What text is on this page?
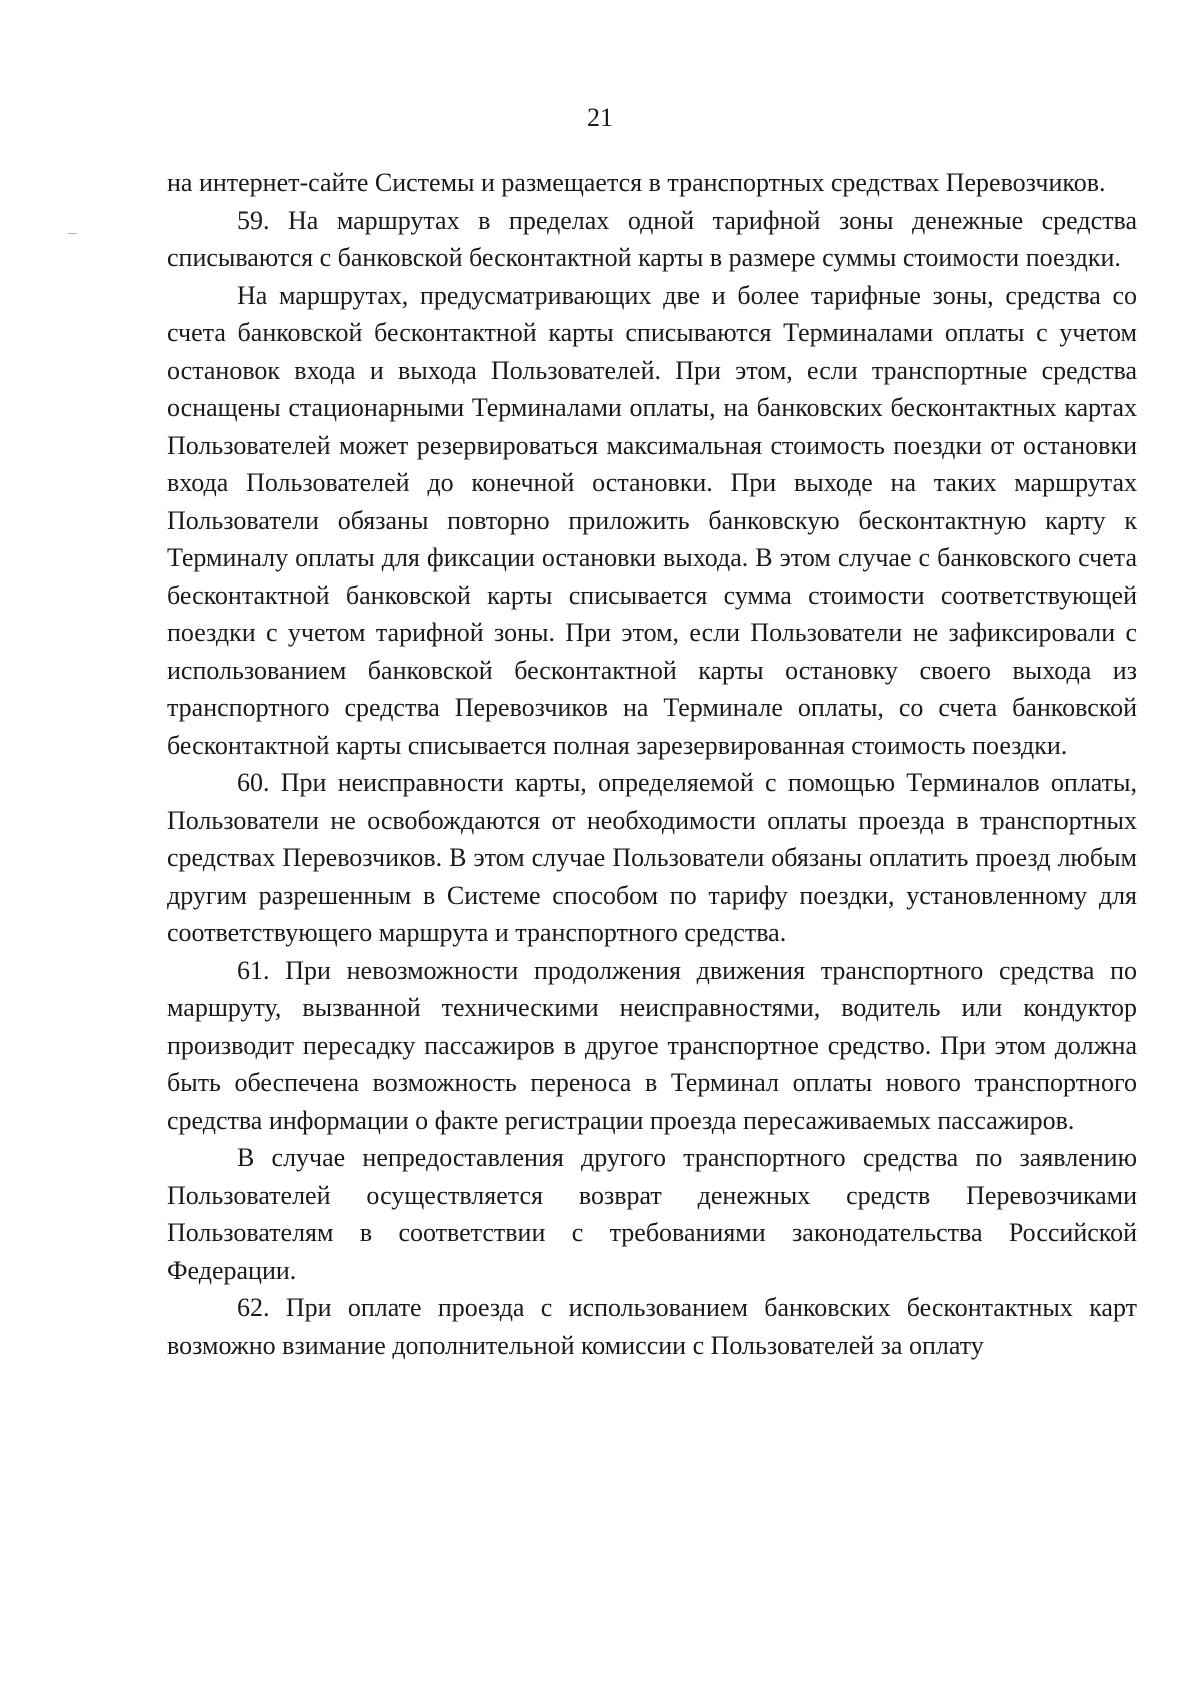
21

на интернет-сайте Системы и размещается в транспортных средствах Перевозчиков.

59. На маршрутах в пределах одной тарифной зоны денежные средства списываются с банковской бесконтактной карты в размере суммы стоимости поездки.

На маршрутах, предусматривающих две и более тарифные зоны, средства со счета банковской бесконтактной карты списываются Терминалами оплаты с учетом остановок входа и выхода Пользователей. При этом, если транспортные средства оснащены стационарными Терминалами оплаты, на банковских бесконтактных картах Пользователей может резервироваться максимальная стоимость поездки от остановки входа Пользователей до конечной остановки. При выходе на таких маршрутах Пользователи обязаны повторно приложить банковскую бесконтактную карту к Терминалу оплаты для фиксации остановки выхода. В этом случае с банковского счета бесконтактной банковской карты списывается сумма стоимости соответствующей поездки с учетом тарифной зоны. При этом, если Пользователи не зафиксировали с использованием банковской бесконтактной карты остановку своего выхода из транспортного средства Перевозчиков на Терминале оплаты, со счета банковской бесконтактной карты списывается полная зарезервированная стоимость поездки.

60. При неисправности карты, определяемой с помощью Терминалов оплаты, Пользователи не освобождаются от необходимости оплаты проезда в транспортных средствах Перевозчиков. В этом случае Пользователи обязаны оплатить проезд любым другим разрешенным в Системе способом по тарифу поездки, установленному для соответствующего маршрута и транспортного средства.

61. При невозможности продолжения движения транспортного средства по маршруту, вызванной техническими неисправностями, водитель или кондуктор производит пересадку пассажиров в другое транспортное средство. При этом должна быть обеспечена возможность переноса в Терминал оплаты нового транспортного средства информации о факте регистрации проезда пересаживаемых пассажиров.

В случае непредоставления другого транспортного средства по заявлению Пользователей осуществляется возврат денежных средств Перевозчиками Пользователям в соответствии с требованиями законодательства Российской Федерации.

62. При оплате проезда с использованием банковских бесконтактных карт возможно взимание дополнительной комиссии с Пользователей за оплату
